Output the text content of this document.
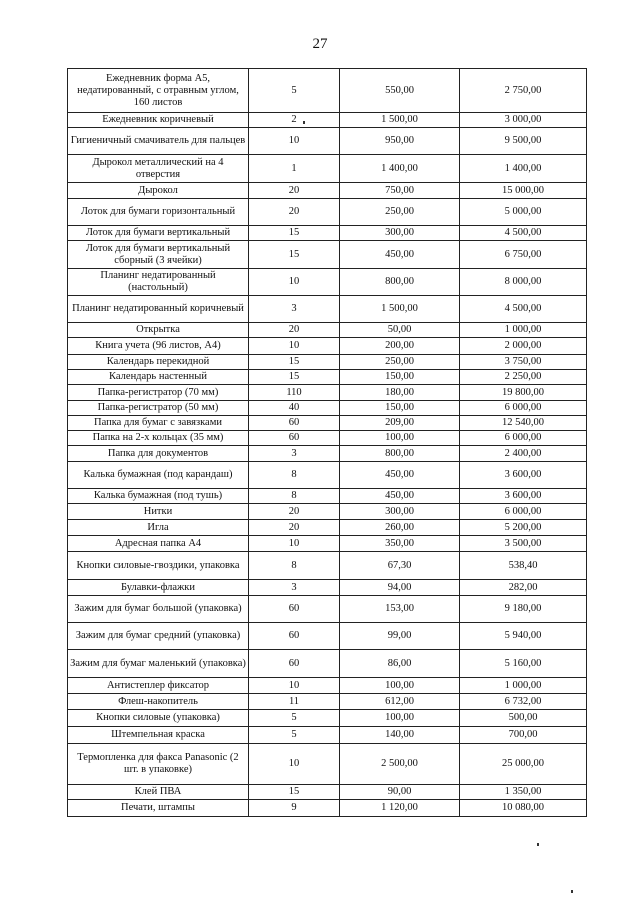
27
Ежедневник форма А5, недатированный, с отравным углом, 160 листов	5	550,00	2 750,00
Ежедневник коричневый	2	1 500,00	3 000,00
Гигиеничный смачиватель для пальцев	10	950,00	9 500,00
Дырокол металлический на 4 отверстия	1	1 400,00	1 400,00
Дырокол	20	750,00	15 000,00
Лоток для бумаги горизонтальный	20	250,00	5 000,00
Лоток для бумаги вертикальный	15	300,00	4 500,00
Лоток для бумаги вертикальный сборный (3 ячейки)	15	450,00	6 750,00
Планинг недатированный (настольный)	10	800,00	8 000,00
Планинг недатированный коричневый	3	1 500,00	4 500,00
Открытка	20	50,00	1 000,00
Книга учета (96 листов, А4)	10	200,00	2 000,00
Календарь перекидной	15	250,00	3 750,00
Календарь настенный	15	150,00	2 250,00
Папка-регистратор (70 мм)	110	180,00	19 800,00
Папка-регистратор (50 мм)	40	150,00	6 000,00
Папка для бумаг с завязками	60	209,00	12 540,00
Папка на 2-х кольцах (35 мм)	60	100,00	6 000,00
Папка для документов	3	800,00	2 400,00
Калька бумажная (под карандаш)	8	450,00	3 600,00
Калька бумажная (под тушь)	8	450,00	3 600,00
Нитки	20	300,00	6 000,00
Игла	20	260,00	5 200,00
Адресная папка А4	10	350,00	3 500,00
Кнопки силовые-гвоздики, упаковка	8	67,30	538,40
Булавки-флажки	3	94,00	282,00
Зажим для бумаг большой (упаковка)	60	153,00	9 180,00
Зажим для бумаг средний (упаковка)	60	99,00	5 940,00
Зажим для бумаг маленький (упаковка)	60	86,00	5 160,00
Антистеплер фиксатор	10	100,00	1 000,00
Флеш-накопитель	11	612,00	6 732,00
Кнопки силовые (упаковка)	5	100,00	500,00
Штемпельная краска	5	140,00	700,00
Термопленка для факса Panasonic (2 шт. в упаковке)	10	2 500,00	25 000,00
Клей ПВА	15	90,00	1 350,00
Печати, штампы	9	1 120,00	10 080,00
